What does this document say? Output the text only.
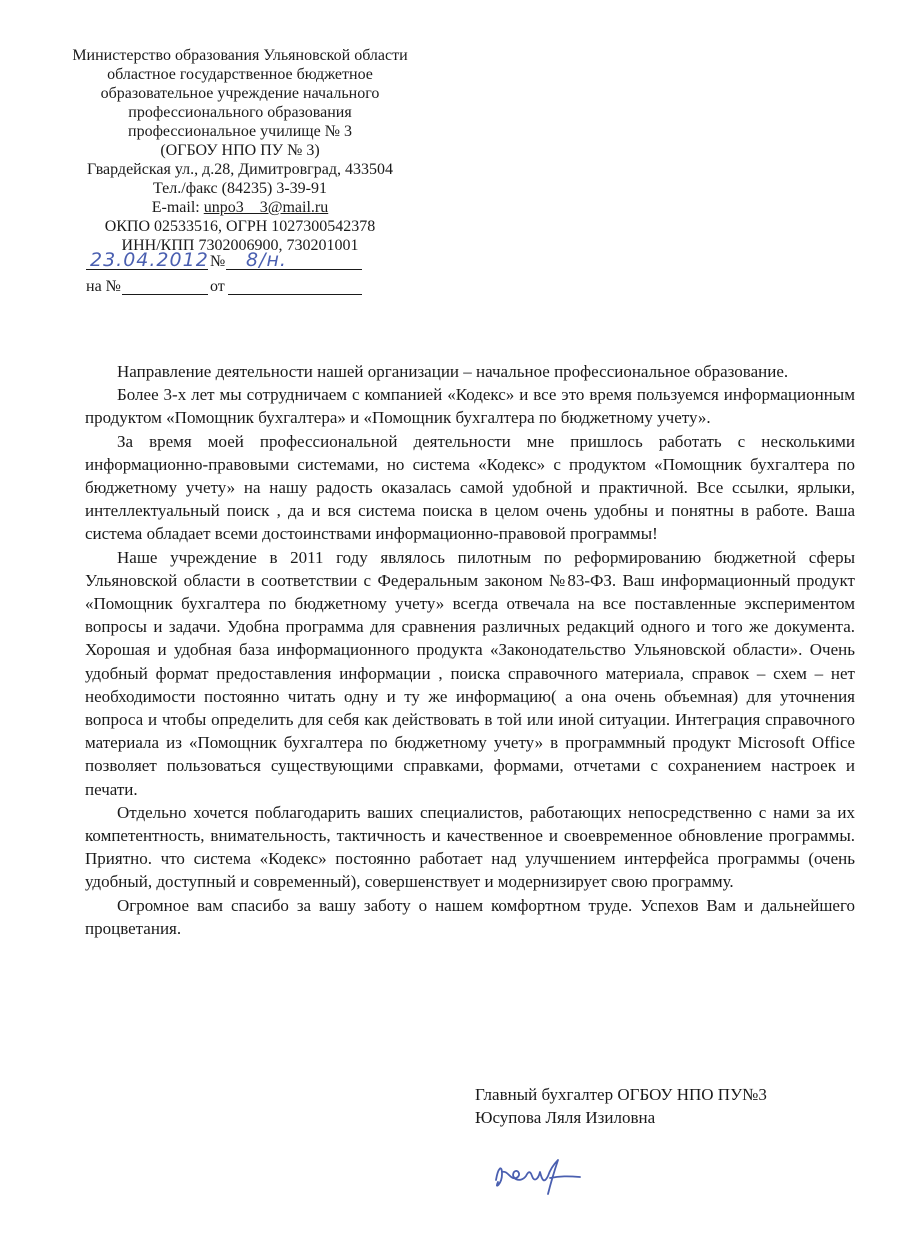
Министерство образования Ульяновской области
областное государственное бюджетное
образовательное учреждение начального
профессионального образования
профессиональное училище № 3
(ОГБОУ НПО ПУ № 3)
Гвардейская ул., д.28, Димитровград, 433504
Тел./факс (84235) 3-39-91
E-mail: unpo3__3@mail.ru
ОКПО 02533516, ОГРН 1027300542378
ИНН/КПП 7302006900, 730201001
23.04.2012 № 8/н.
на №	от

Направление деятельности нашей организации – начальное профессиональное образование.

Более 3-х лет мы сотрудничаем с компанией «Кодекс» и все это время пользуемся информационным продуктом «Помощник бухгалтера» и «Помощник бухгалтера по бюджетному учету».

За время моей профессиональной деятельности мне пришлось работать с несколькими информационно-правовыми системами, но система «Кодекс» с продуктом «Помощник бухгалтера по бюджетному учету» на нашу радость оказалась самой удобной и практичной. Все ссылки, ярлыки, интеллектуальный поиск , да и вся система поиска в целом очень удобны и понятны в работе. Ваша система обладает всеми достоинствами информационно-правовой программы!

Наше учреждение в 2011 году являлось пилотным по реформированию бюджетной сферы Ульяновской области в соответствии с Федеральным законом №83-ФЗ. Ваш информационный продукт «Помощник бухгалтера по бюджетному учету» всегда отвечала на все поставленные экспериментом вопросы и задачи. Удобна программа для сравнения различных редакций одного и того же документа. Хорошая и удобная база информационного продукта «Законодательство Ульяновской области». Очень удобный формат предоставления информации , поиска справочного материала, справок – схем – нет необходимости постоянно читать одну и ту же информацию( а она очень объемная) для уточнения вопроса и чтобы определить для себя как действовать в той или иной ситуации. Интеграция справочного материала из «Помощник бухгалтера по бюджетному учету» в программный продукт Microsoft Office позволяет пользоваться существующими справками, формами, отчетами с сохранением настроек и печати.

Отдельно хочется поблагодарить ваших специалистов, работающих непосредственно с нами за их компетентность, внимательность, тактичность и качественное и своевременное обновление программы. Приятно. что система «Кодекс» постоянно работает над улучшением интерфейса программы (очень удобный, доступный и современный), совершенствует и модернизирует свою программу.

Огромное вам спасибо за вашу заботу о нашем комфортном труде. Успехов Вам и дальнейшего процветания.

Главный бухгалтер ОГБОУ НПО ПУ№3
Юсупова Ляля Изиловна
